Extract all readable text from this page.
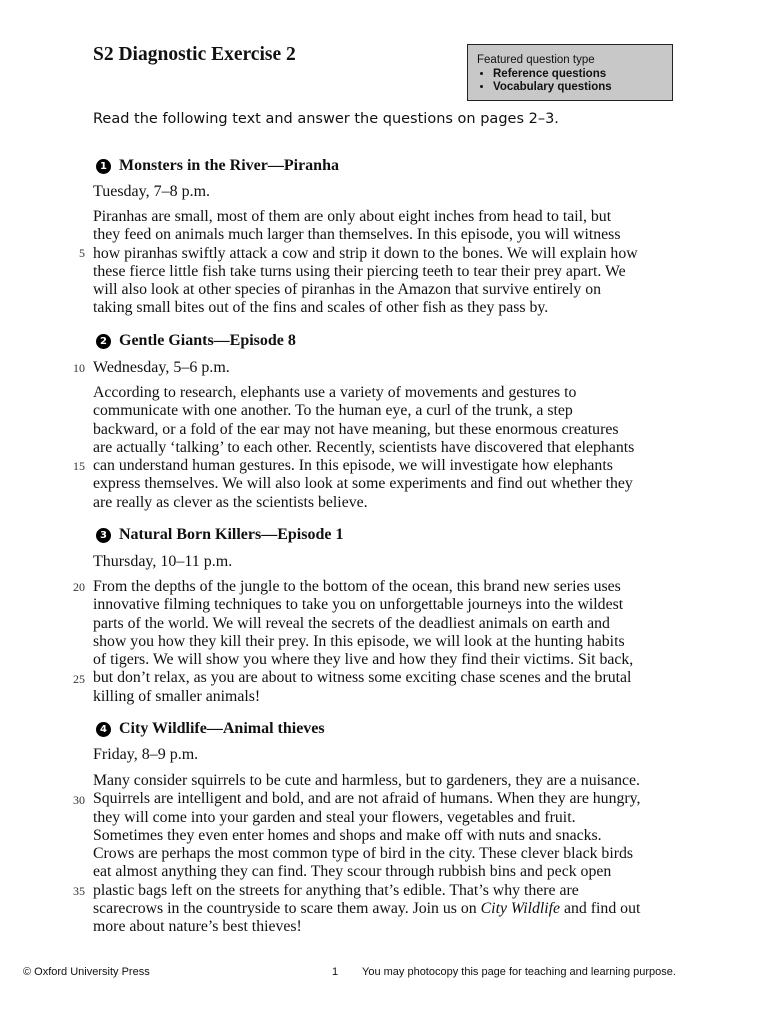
S2 Diagnostic Exercise 2	Featured question type
• Reference questions
• Vocabulary questions

Read the following text and answer the questions on pages 2–3.

1 Monsters in the River—Piranha

Tuesday, 7–8 p.m.

Piranhas are small, most of them are only about eight inches from head to tail, but
they feed on animals much larger than themselves. In this episode, you will witness
how piranhas swiftly attack a cow and strip it down to the bones. We will explain how
these fierce little fish take turns using their piercing teeth to tear their prey apart. We
will also look at other species of piranhas in the Amazon that survive entirely on
taking small bites out of the fins and scales of other fish as they pass by.
2 Gentle Giants—Episode 8

Wednesday, 5–6 p.m.

According to research, elephants use a variety of movements and gestures to
communicate with one another. To the human eye, a curl of the trunk, a step
backward, or a fold of the ear may not have meaning, but these enormous creatures
are actually ‘talking’ to each other. Recently, scientists have discovered that elephants
can understand human gestures. In this episode, we will investigate how elephants
express themselves. We will also look at some experiments and find out whether they
are really as clever as the scientists believe.
3 Natural Born Killers—Episode 1

Thursday, 10–11 p.m.

From the depths of the jungle to the bottom of the ocean, this brand new series uses
innovative filming techniques to take you on unforgettable journeys into the wildest
parts of the world. We will reveal the secrets of the deadliest animals on earth and
show you how they kill their prey. In this episode, we will look at the hunting habits
of tigers. We will show you where they live and how they find their victims. Sit back,
but don’t relax, as you are about to witness some exciting chase scenes and the brutal
killing of smaller animals!
4 City Wildlife—Animal thieves

Friday, 8–9 p.m.

Many consider squirrels to be cute and harmless, but to gardeners, they are a nuisance.
Squirrels are intelligent and bold, and are not afraid of humans. When they are hungry,
they will come into your garden and steal your flowers, vegetables and fruit.
Sometimes they even enter homes and shops and make off with nuts and snacks.
Crows are perhaps the most common type of bird in the city. These clever black birds
eat almost anything they can find. They scour through rubbish bins and peck open
plastic bags left on the streets for anything that’s edible. That’s why there are
scarecrows in the countryside to scare them away. Join us on City Wildlife and find out
more about nature’s best thieves!
5
10
15
20
25
30
35
© Oxford University Press	1 You may photocopy this page for teaching and learning purpose.
